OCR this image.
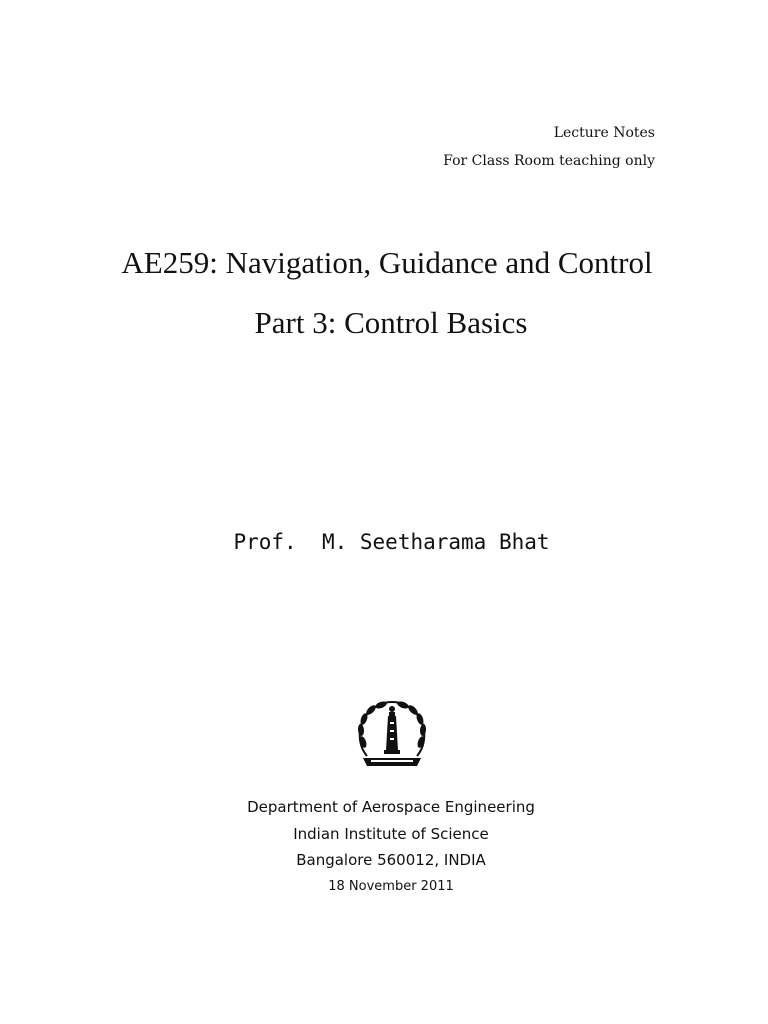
Lecture Notes
For Class Room teaching only
AE259: Navigation, Guidance and Control
Part 3: Control Basics
Prof.  M. Seetharama Bhat
Department of Aerospace Engineering
Indian Institute of Science
Bangalore 560012, INDIA
18 November 2011
